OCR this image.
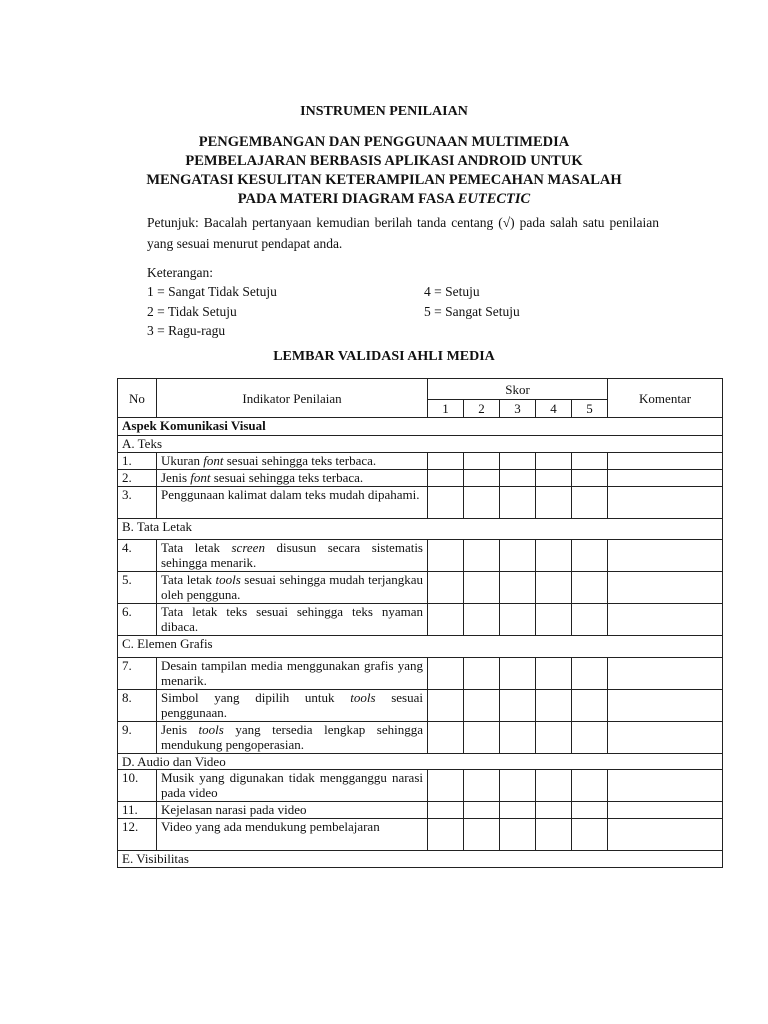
INSTRUMEN PENILAIAN
PENGEMBANGAN DAN PENGGUNAAN MULTIMEDIA
PEMBELAJARAN BERBASIS APLIKASI ANDROID UNTUK
MENGATASI KESULITAN KETERAMPILAN PEMECAHAN MASALAH
PADA MATERI DIAGRAM FASA EUTECTIC
Petunjuk: Bacalah pertanyaan kemudian berilah tanda centang (√) pada salah satu penilaian yang sesuai menurut pendapat anda.
Keterangan:
1 = Sangat Tidak Setuju
2 = Tidak Setuju
3 = Ragu-ragu
4 = Setuju
5 = Sangat Setuju
LEMBAR VALIDASI AHLI MEDIA
No	Indikator Penilaian	Skor					Komentar
		1	2	3	4	5	
Aspek Komunikasi Visual							
A. Teks							
1.	Ukuran font sesuai sehingga teks terbaca.						
2.	Jenis font sesuai sehingga teks terbaca.						
3.	Penggunaan kalimat dalam teks mudah dipahami.						
B. Tata Letak							
4.	Tata letak screen disusun secara sistematis sehingga menarik.						
5.	Tata letak tools sesuai sehingga mudah terjangkau oleh pengguna.						
6.	Tata letak teks sesuai sehingga teks nyaman dibaca.						
C. Elemen Grafis							
7.	Desain tampilan media menggunakan grafis yang menarik.						
8.	Simbol yang dipilih untuk tools sesuai penggunaan.						
9.	Jenis tools yang tersedia lengkap sehingga mendukung pengoperasian.						
D. Audio dan Video							
10.	Musik yang digunakan tidak mengganggu narasi pada video						
11.	Kejelasan narasi pada video						
12.	Video yang ada mendukung pembelajaran						
E. Visibilitas							
